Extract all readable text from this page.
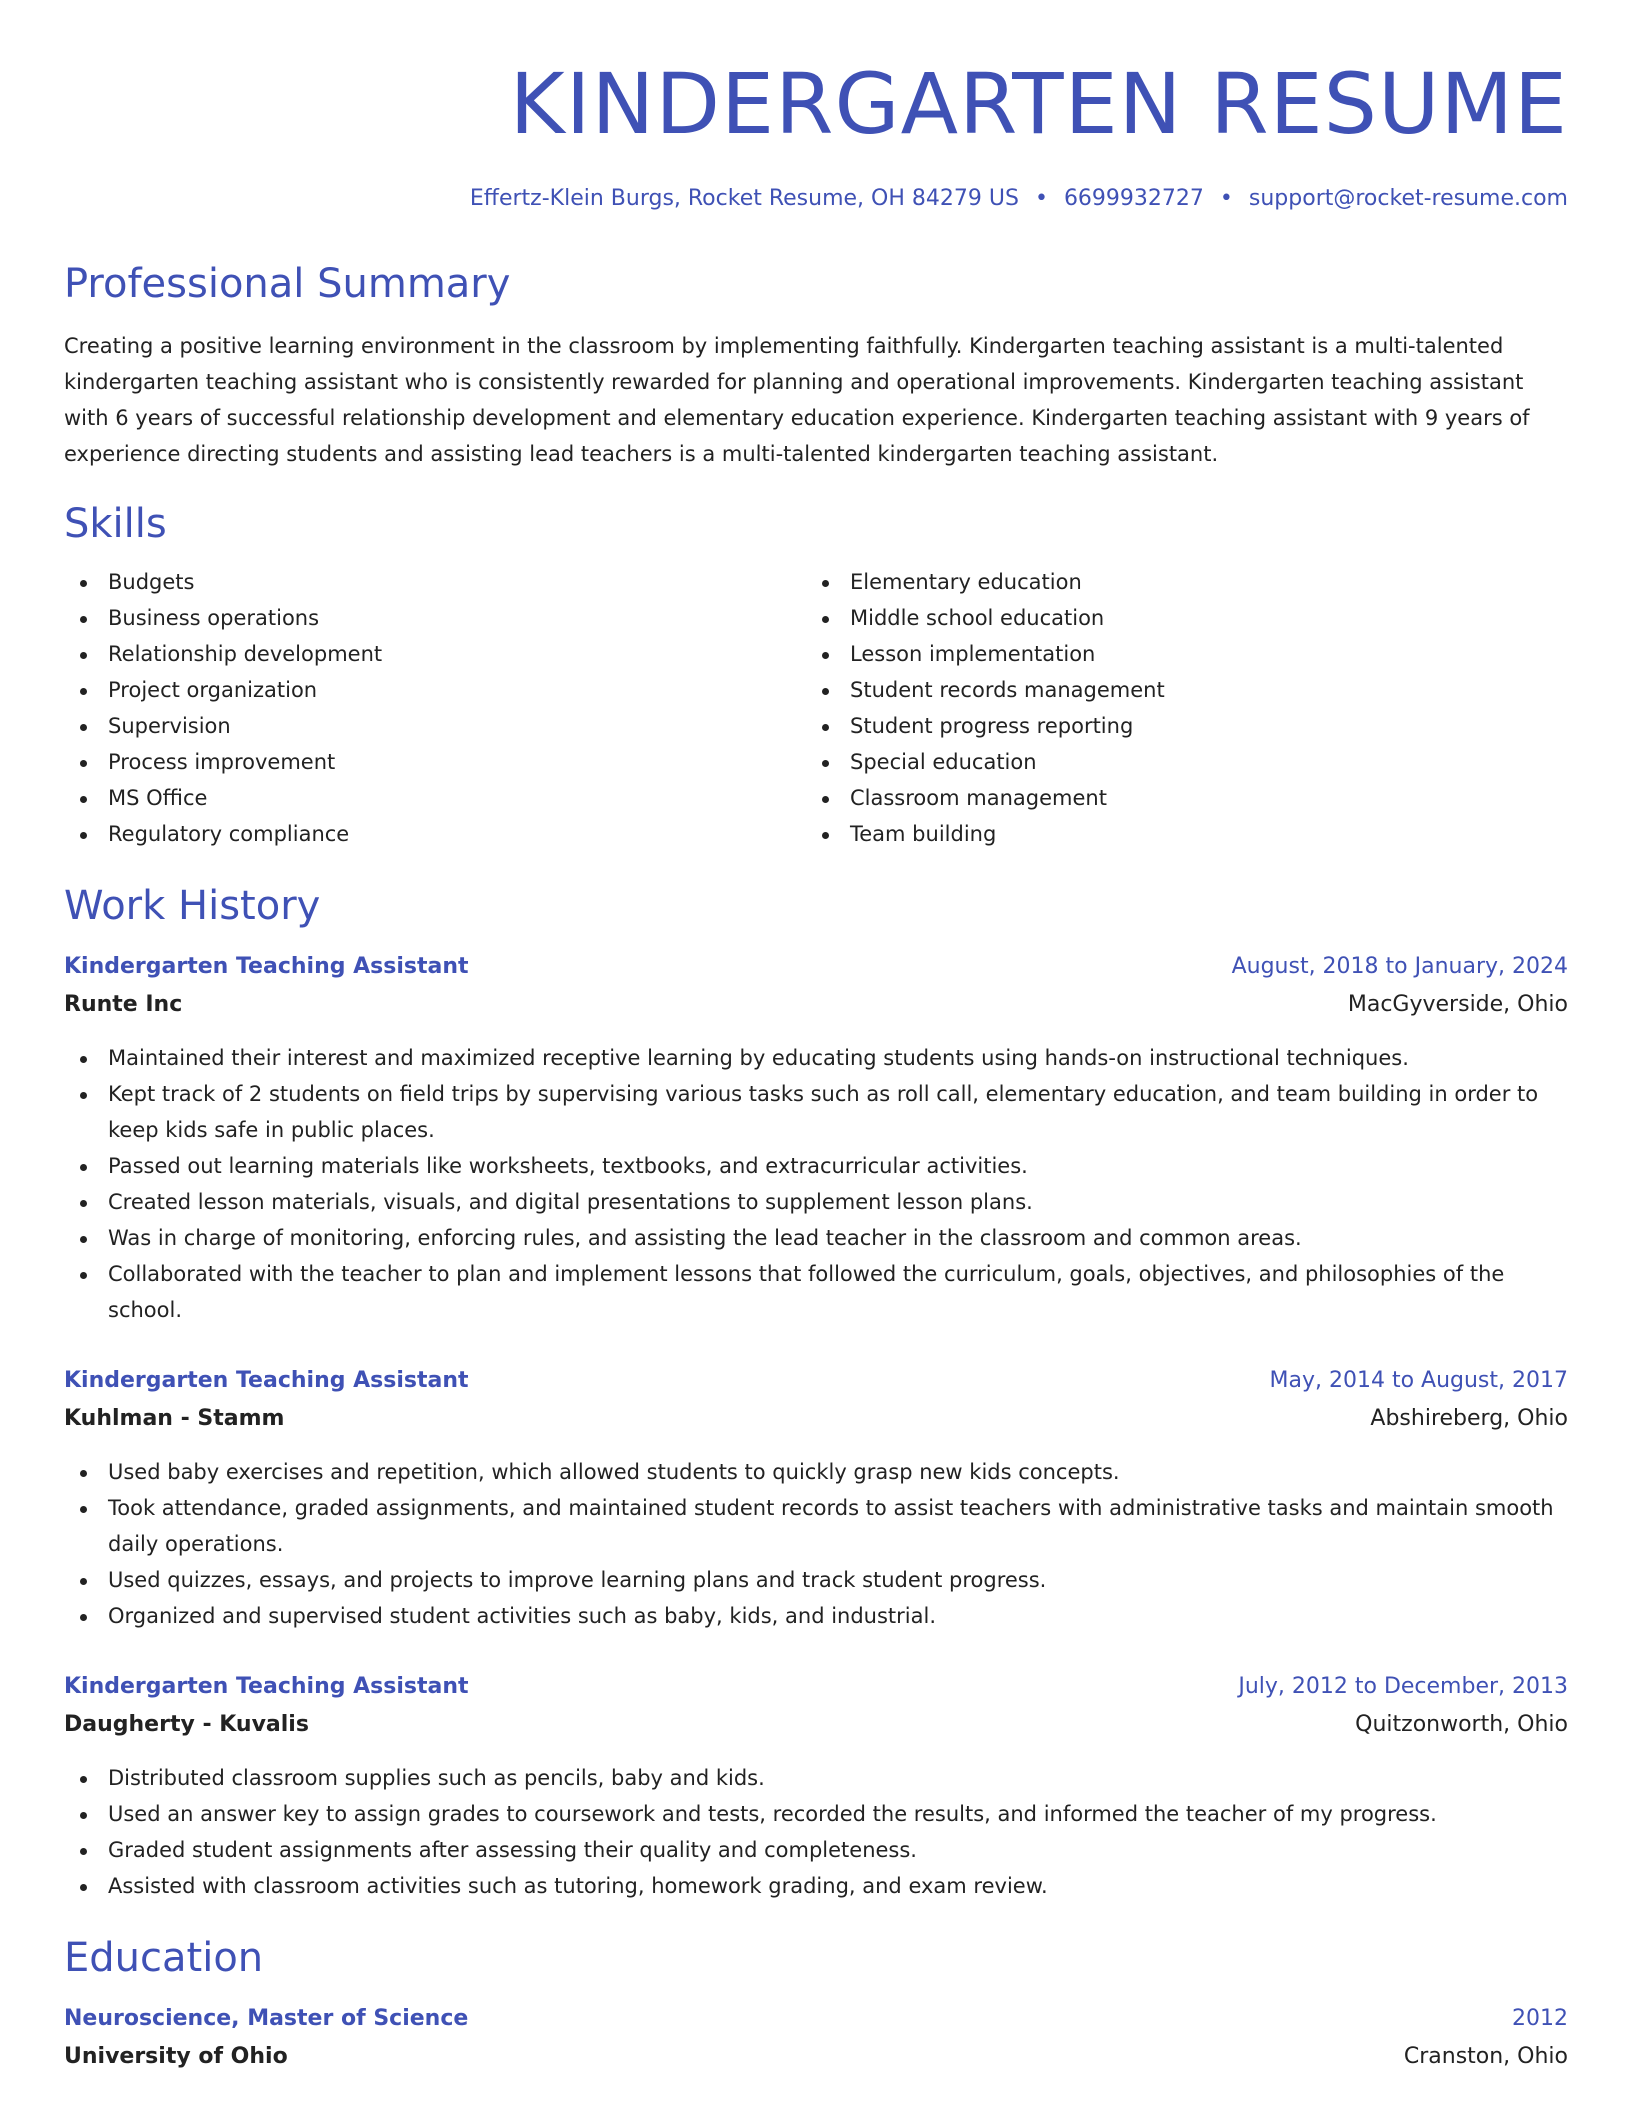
KINDERGARTEN RESUME
Effertz-Klein Burgs, Rocket Resume, OH 84279 US • 6699932727 • support@rocket-resume.com
Professional Summary

Creating a positive learning environment in the classroom by implementing faithfully. Kindergarten teaching assistant is a multi-talented kindergarten teaching assistant who is consistently rewarded for planning and operational improvements. Kindergarten teaching assistant with 6 years of successful relationship development and elementary education experience. Kindergarten teaching assistant with 9 years of experience directing students and assisting lead teachers is a multi-talented kindergarten teaching assistant.

Skills
Budgets
Business operations
Relationship development
Project organization
Supervision
Process improvement
MS Office
Regulatory compliance
Elementary education
Middle school education
Lesson implementation
Student records management
Student progress reporting
Special education
Classroom management
Team building
Work History
Kindergarten Teaching Assistant	August, 2018 to January, 2024
Runte Inc	MacGyverside, Ohio
Maintained their interest and maximized receptive learning by educating students using hands-on instructional techniques.
Kept track of 2 students on field trips by supervising various tasks such as roll call, elementary education, and team building in order to keep kids safe in public places.
Passed out learning materials like worksheets, textbooks, and extracurricular activities.
Created lesson materials, visuals, and digital presentations to supplement lesson plans.
Was in charge of monitoring, enforcing rules, and assisting the lead teacher in the classroom and common areas.
Collaborated with the teacher to plan and implement lessons that followed the curriculum, goals, objectives, and philosophies of the school.
Kindergarten Teaching Assistant	May, 2014 to August, 2017
Kuhlman - Stamm	Abshireberg, Ohio
Used baby exercises and repetition, which allowed students to quickly grasp new kids concepts.
Took attendance, graded assignments, and maintained student records to assist teachers with administrative tasks and maintain smooth daily operations.
Used quizzes, essays, and projects to improve learning plans and track student progress.
Organized and supervised student activities such as baby, kids, and industrial.
Kindergarten Teaching Assistant	July, 2012 to December, 2013
Daugherty - Kuvalis	Quitzonworth, Ohio
Distributed classroom supplies such as pencils, baby and kids.
Used an answer key to assign grades to coursework and tests, recorded the results, and informed the teacher of my progress.
Graded student assignments after assessing their quality and completeness.
Assisted with classroom activities such as tutoring, homework grading, and exam review.
Education
Neuroscience, Master of Science	2012
University of Ohio	Cranston, Ohio
